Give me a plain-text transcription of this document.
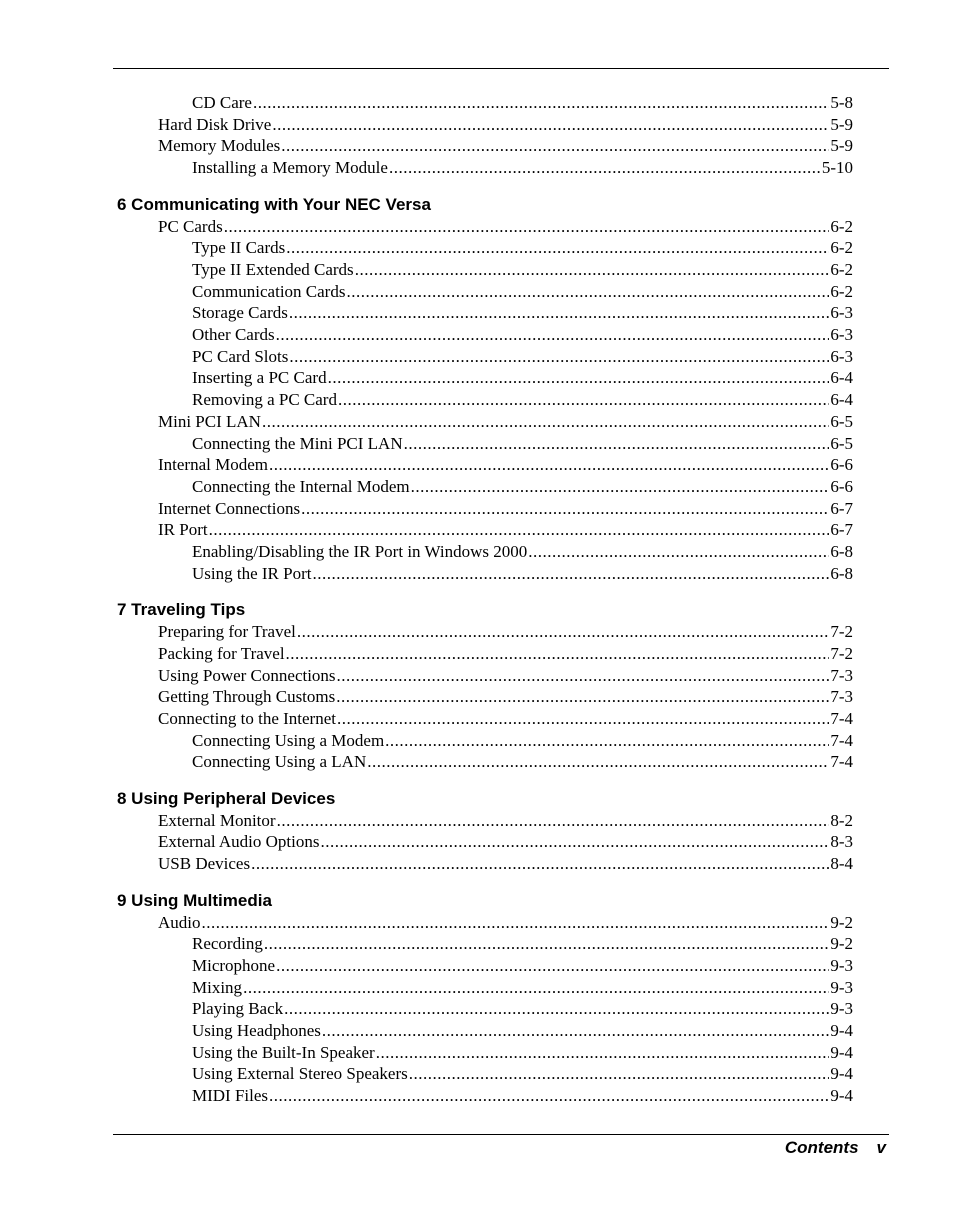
CD Care .....	5-8
Hard Disk Drive .....	5-9
Memory Modules .....	5-9
Installing a Memory Module .....	5-10
6 Communicating with Your NEC Versa
PC Cards .....	6-2
Type II Cards .....	6-2
Type II Extended Cards .....	6-2
Communication Cards .....	6-2
Storage Cards .....	6-3
Other Cards .....	6-3
PC Card Slots .....	6-3
Inserting a PC Card .....	6-4
Removing a PC Card .....	6-4
Mini PCI LAN .....	6-5
Connecting the Mini PCI LAN .....	6-5
Internal Modem .....	6-6
Connecting the Internal Modem .....	6-6
Internet Connections .....	6-7
IR Port .....	6-7
Enabling/Disabling the IR Port in Windows 2000 .....	6-8
Using the IR Port .....	6-8
7 Traveling Tips
Preparing for Travel .....	7-2
Packing for Travel .....	7-2
Using Power Connections .....	7-3
Getting Through Customs .....	7-3
Connecting to the Internet .....	7-4
Connecting Using a Modem .....	7-4
Connecting Using a LAN .....	7-4
8 Using Peripheral Devices
External Monitor .....	8-2
External Audio Options .....	8-3
USB Devices .....	8-4
9 Using Multimedia
Audio .....	9-2
Recording .....	9-2
Microphone .....	9-3
Mixing .....	9-3
Playing Back .....	9-3
Using Headphones .....	9-4
Using the Built-In Speaker .....	9-4
Using External Stereo Speakers .....	9-4
MIDI Files .....	9-4
Contents v
